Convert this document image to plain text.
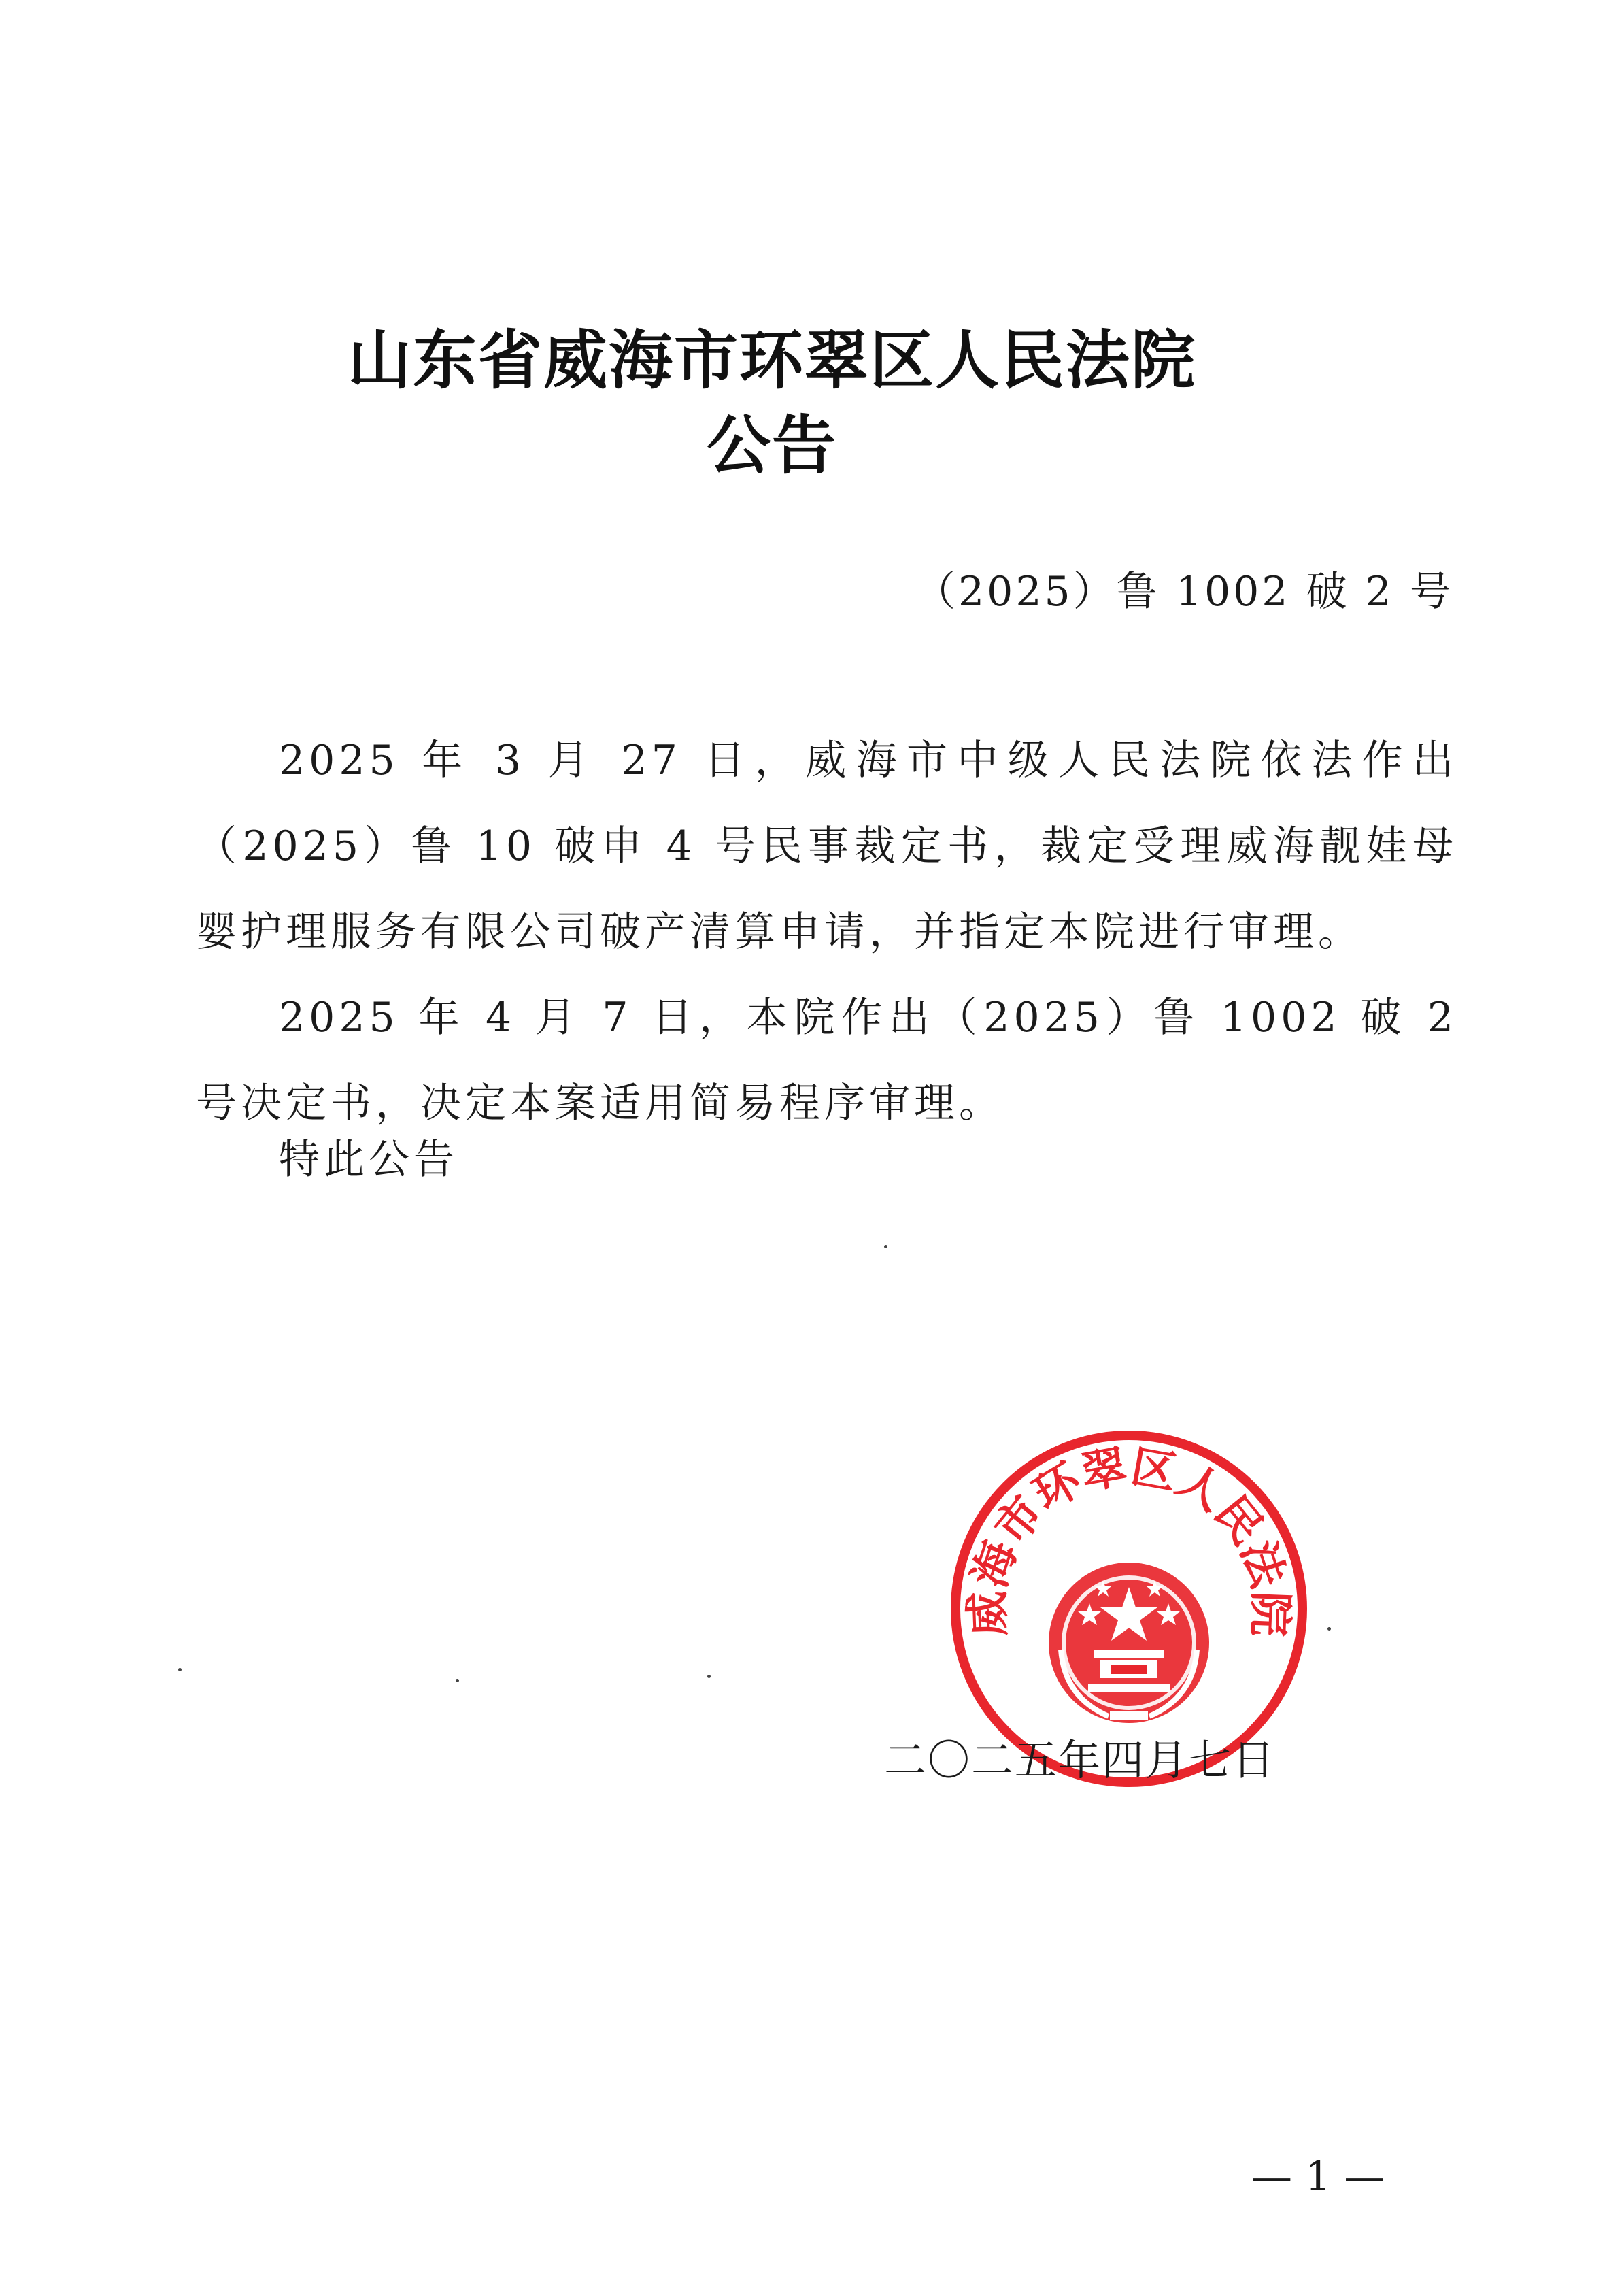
山东省威海市环翠区人民法院
公告
（2025）鲁 1002 破 2 号

2025 年 3 月 27 日，威海市中级人民法院依法作出（2025）鲁 10 破申 4 号民事裁定书，裁定受理威海靓娃母婴护理服务有限公司破产清算申请，并指定本院进行审理。

2025 年 4 月 7 日，本院作出（2025）鲁 1002 破 2 号决定书，决定本案适用简易程序审理。

特此公告

威海市环翠区人民法院
二〇二五年四月七日
— 1 —
